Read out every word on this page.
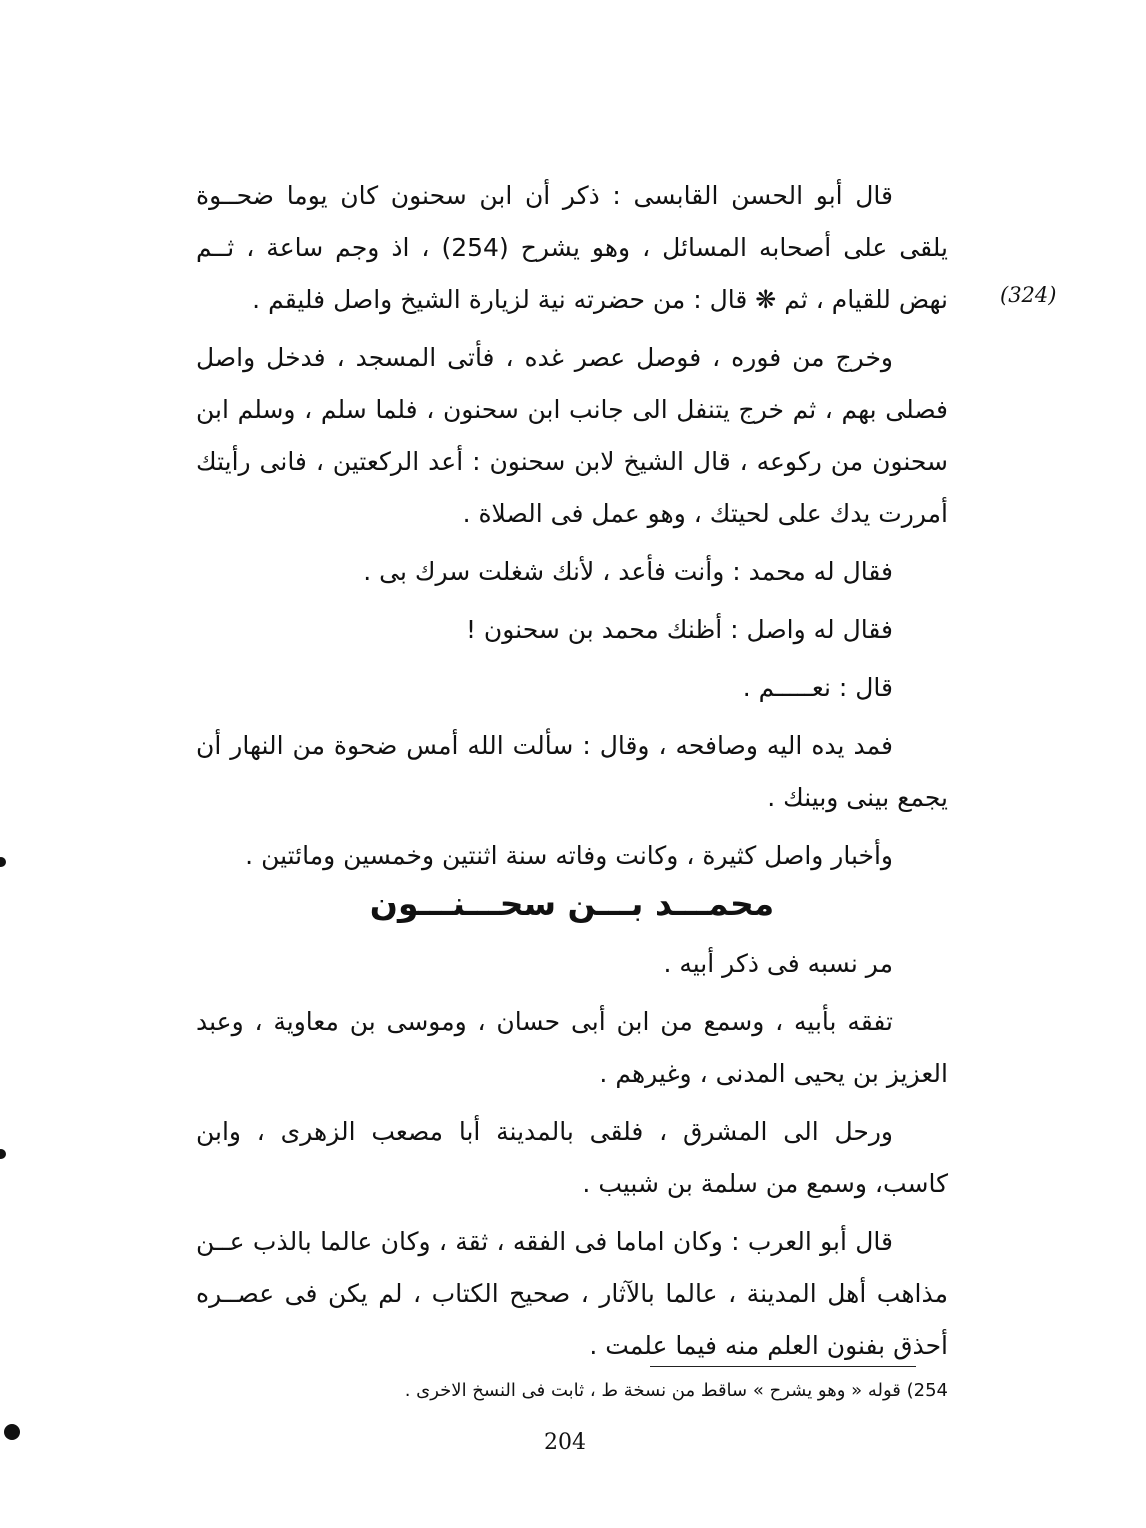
(324)

قال أبو الحسن القابسى : ذكر أن ابن سحنون كان يوما ضحــوة يلقى على أصحابه المسائل ، وهو يشرح (254) ، اذ وجم ساعة ، ثــم نهض للقيام ، ثم ❋ قال : من حضرته نية لزيارة الشيخ واصل فليقم .

وخرج من فوره ، فوصل عصر غده ، فأتى المسجد ، فدخل واصل فصلى بهم ، ثم خرج يتنفل الى جانب ابن سحنون ، فلما سلم ، وسلم ابن سحنون من ركوعه ، قال الشيخ لابن سحنون : أعد الركعتين ، فانى رأيتك أمررت يدك على لحيتك ، وهو عمل فى الصلاة .

فقال له محمد : وأنت فأعد ، لأنك شغلت سرك بى .

فقال له واصل : أظنك محمد بن سحنون !

قال : نعـــــم .

فمد يده اليه وصافحه ، وقال : سألت الله أمس ضحوة من النهار أن يجمع بينى وبينك .

وأخبار واصل كثيرة ، وكانت وفاته سنة اثنتين وخمسين ومائتين .

محمـــد بـــن سحـــنـــون

مر نسبه فى ذكر أبيه .

تفقه بأبيه ، وسمع من ابن أبى حسان ، وموسى بن معاوية ، وعبد العزيز بن يحيى المدنى ، وغيرهم .

ورحل الى المشرق ، فلقى بالمدينة أبا مصعب الزهرى ، وابن كاسب، وسمع من سلمة بن شبيب .

قال أبو العرب : وكان اماما فى الفقه ، ثقة ، وكان عالما بالذب عــن مذاهب أهل المدينة ، عالما بالآثار ، صحيح الكتاب ، لم يكن فى عصــره أحذق بفنون العلم منه فيما علمت .

254) قوله « وهو يشرح » ساقط من نسخة ط ، ثابت فى النسخ الاخرى .
204
